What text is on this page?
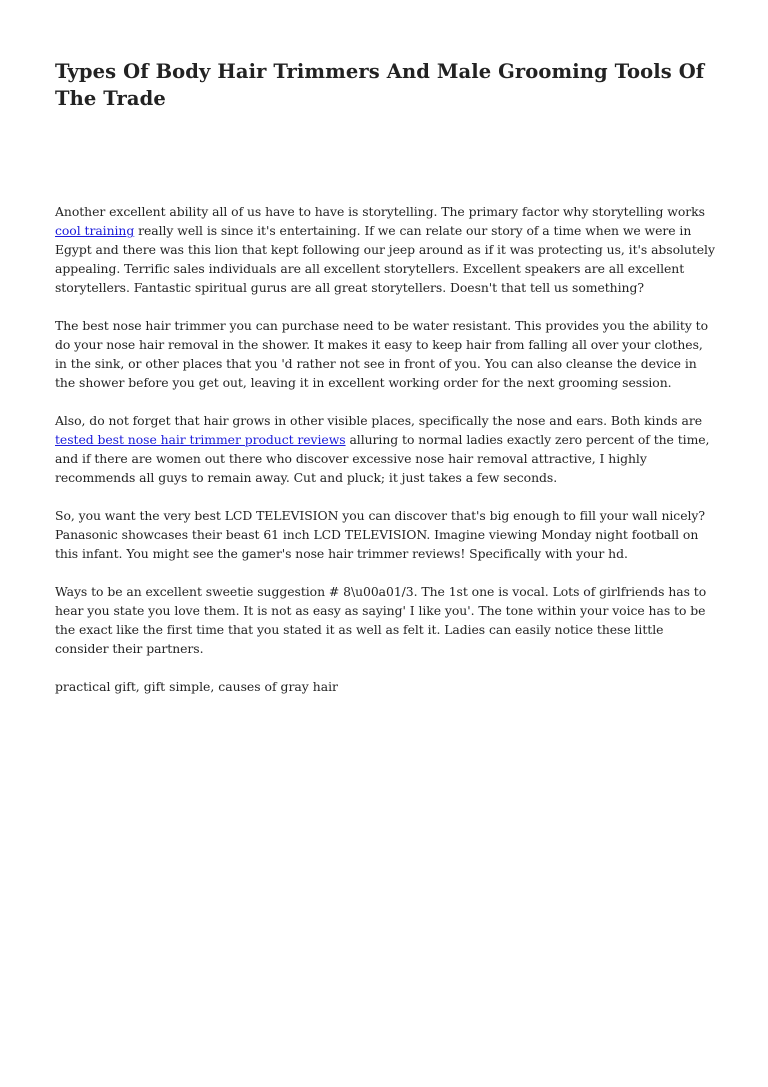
Types Of Body Hair Trimmers And Male Grooming Tools Of The Trade

Another excellent ability all of us have to have is storytelling. The primary factor why storytelling works cool training really well is since it's entertaining. If we can relate our story of a time when we were in Egypt and there was this lion that kept following our jeep around as if it was protecting us, it's absolutely appealing. Terrific sales individuals are all excellent storytellers. Excellent speakers are all excellent storytellers. Fantastic spiritual gurus are all great storytellers. Doesn't that tell us something?

The best nose hair trimmer you can purchase need to be water resistant. This provides you the ability to do your nose hair removal in the shower. It makes it easy to keep hair from falling all over your clothes, in the sink, or other places that you 'd rather not see in front of you. You can also cleanse the device in the shower before you get out, leaving it in excellent working order for the next grooming session.

Also, do not forget that hair grows in other visible places, specifically the nose and ears. Both kinds are tested best nose hair trimmer product reviews alluring to normal ladies exactly zero percent of the time, and if there are women out there who discover excessive nose hair removal attractive, I highly recommends all guys to remain away. Cut and pluck; it just takes a few seconds.

So, you want the very best LCD TELEVISION you can discover that's big enough to fill your wall nicely? Panasonic showcases their beast 61 inch LCD TELEVISION. Imagine viewing Monday night football on this infant. You might see the gamer's nose hair trimmer reviews! Specifically with your hd.

Ways to be an excellent sweetie suggestion # 8\u00a01/3. The 1st one is vocal. Lots of girlfriends has to hear you state you love them. It is not as easy as saying' I like you'. The tone within your voice has to be the exact like the first time that you stated it as well as felt it. Ladies can easily notice these little consider their partners.

practical gift, gift simple, causes of gray hair
